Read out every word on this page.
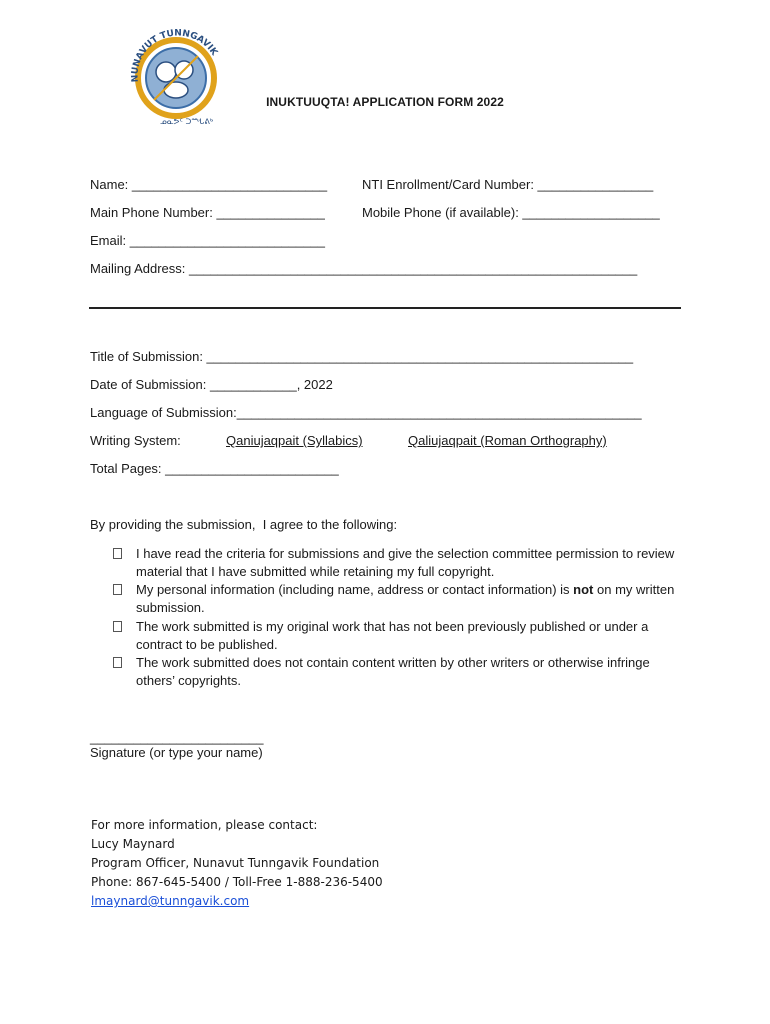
NUNAVUT TUNNGAVIK
ᓄᓇᕗᑦ ᑐᙵᕕᒃ
INUKTUUQTA! APPLICATION FORM 2022
Name: ___________________________	NTI Enrollment/Card Number: ________________
Main Phone Number: _______________	Mobile Phone (if available): ___________________
Email: ___________________________
Mailing Address: ______________________________________________________________
Title of Submission: ___________________________________________________________
Date of Submission: ____________, 2022
Language of Submission:________________________________________________________
Writing System:	Qaniujaqpait (Syllabics)	Qaliujaqpait (Roman Orthography)
Total Pages: ________________________
By providing the submission,  I agree to the following:
I have read the criteria for submissions and give the selection committee permission to review material that I have submitted while retaining my full copyright.
My personal information (including name, address or contact information) is not on my written submission.
The work submitted is my original work that has not been previously published or under a contract to be published.
The work submitted does not contain content written by other writers or otherwise infringe others’ copyrights.
________________________
Signature (or type your name)
For more information, please contact:
Lucy Maynard
Program Officer, Nunavut Tunngavik Foundation
Phone: 867-645-5400 / Toll-Free 1-888-236-5400
lmaynard@tunngavik.com
